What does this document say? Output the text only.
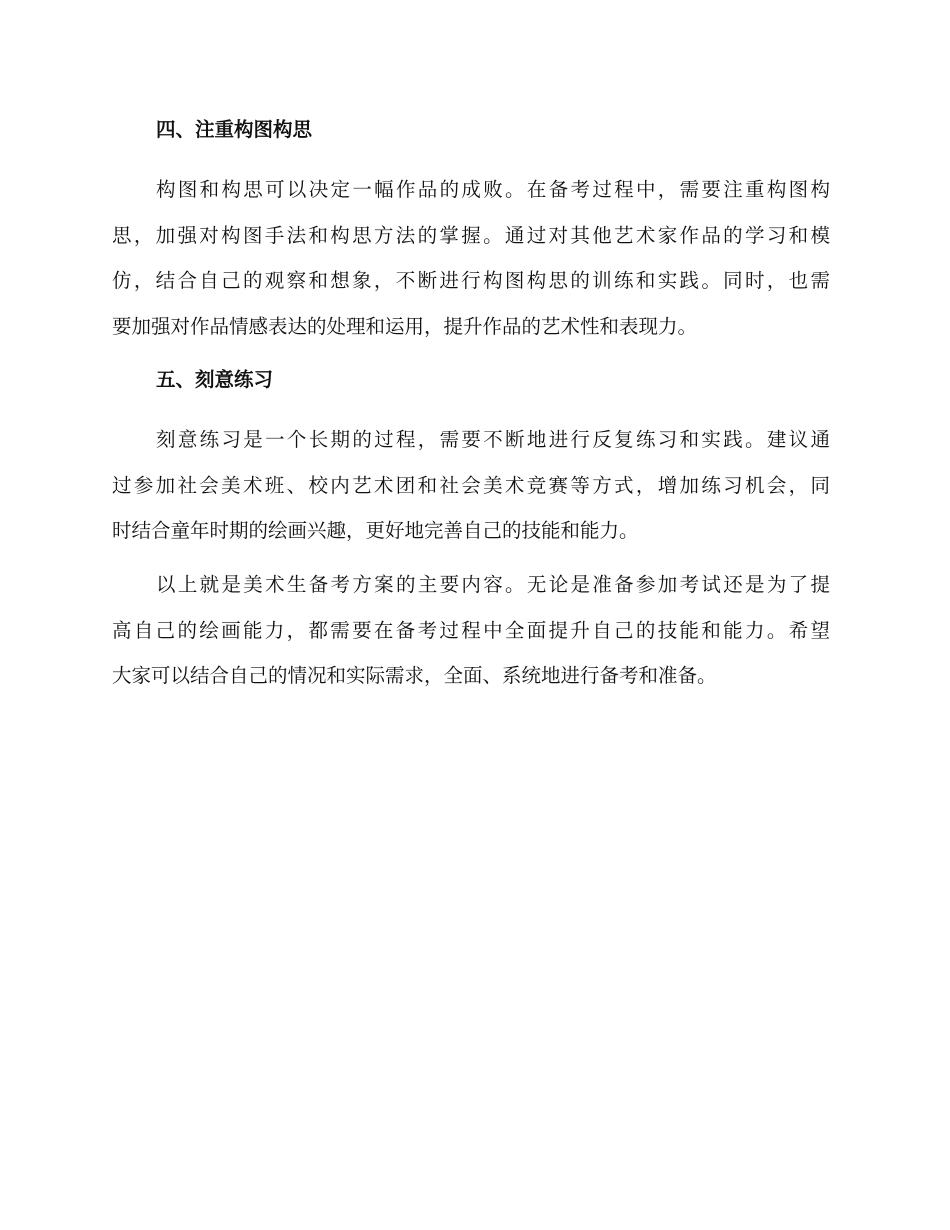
四、注重构图构思
构图和构思可以决定一幅作品的成败。在备考过程中，需要注重构图构
思，加强对构图手法和构思方法的掌握。通过对其他艺术家作品的学习和模
仿，结合自己的观察和想象，不断进行构图构思的训练和实践。同时，也需
要加强对作品情感表达的处理和运用，提升作品的艺术性和表现力。
五、刻意练习
刻意练习是一个长期的过程，需要不断地进行反复练习和实践。建议通
过参加社会美术班、校内艺术团和社会美术竞赛等方式，增加练习机会，同
时结合童年时期的绘画兴趣，更好地完善自己的技能和能力。
以上就是美术生备考方案的主要内容。无论是准备参加考试还是为了提
高自己的绘画能力，都需要在备考过程中全面提升自己的技能和能力。希望
大家可以结合自己的情况和实际需求，全面、系统地进行备考和准备。
